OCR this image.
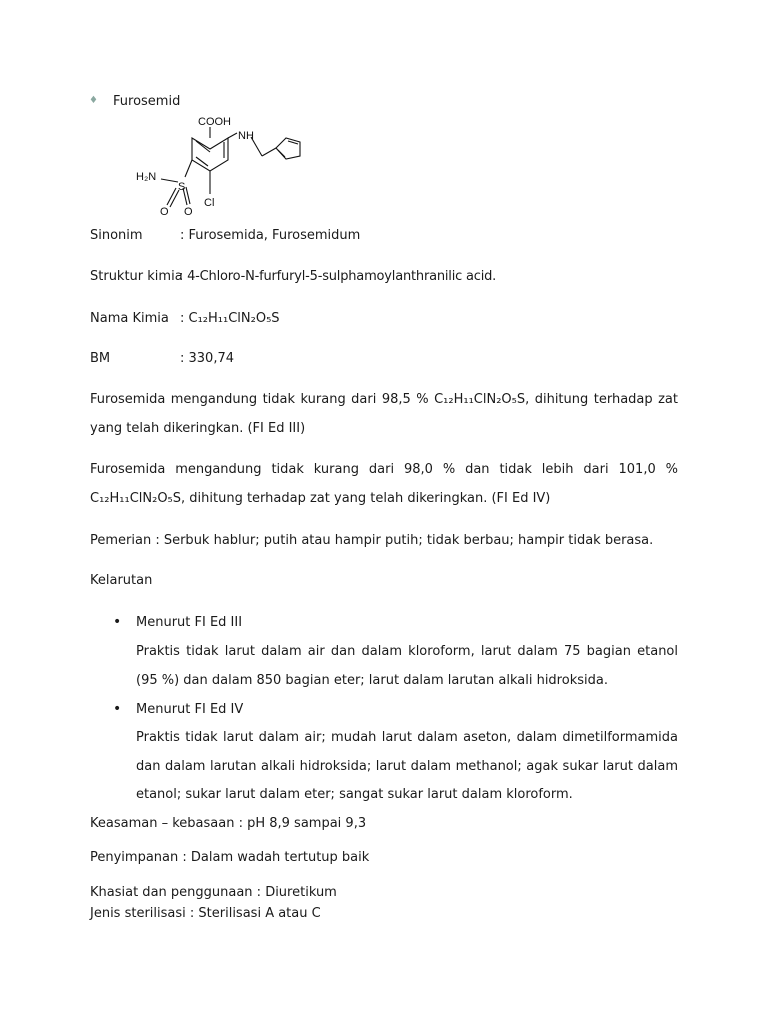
♦ Furosemid
COOH
N H
H₂N
S
O O
Cl
Sinonim	: Furosemida, Furosemidum
Struktur kimia
: 4-Chloro-N-furfuryl-5-sulphamoylanthranilic acid.
Nama Kimia : C₁₂H₁₁ClN₂O₅S
BM	: 330,74
Furosemida mengandung tidak kurang dari 98,5 % C₁₂H₁₁ClN₂O₅S, dihitung terhadap zat yang telah dikeringkan. (FI Ed III)
Furosemida mengandung tidak kurang dari 98,0 % dan tidak lebih dari 101,0 % C₁₂H₁₁ClN₂O₅S, dihitung terhadap zat yang telah dikeringkan. (FI Ed IV)
Pemerian : Serbuk hablur; putih atau hampir putih; tidak berbau; hampir tidak berasa.
Kelarutan
• Menurut FI Ed III
Praktis tidak larut dalam air dan dalam kloroform, larut dalam 75 bagian etanol (95 %) dan dalam 850 bagian eter; larut dalam larutan alkali hidroksida.
• Menurut FI Ed IV
Praktis tidak larut dalam air; mudah larut dalam aseton, dalam dimetilformamida dan dalam larutan alkali hidroksida; larut dalam methanol; agak sukar larut dalam etanol; sukar larut dalam eter; sangat sukar larut dalam kloroform.
Keasaman – kebasaan : pH 8,9 sampai 9,3
Penyimpanan : Dalam wadah tertutup baik
Khasiat dan penggunaan : Diuretikum
Jenis sterilisasi : Sterilisasi A atau C
